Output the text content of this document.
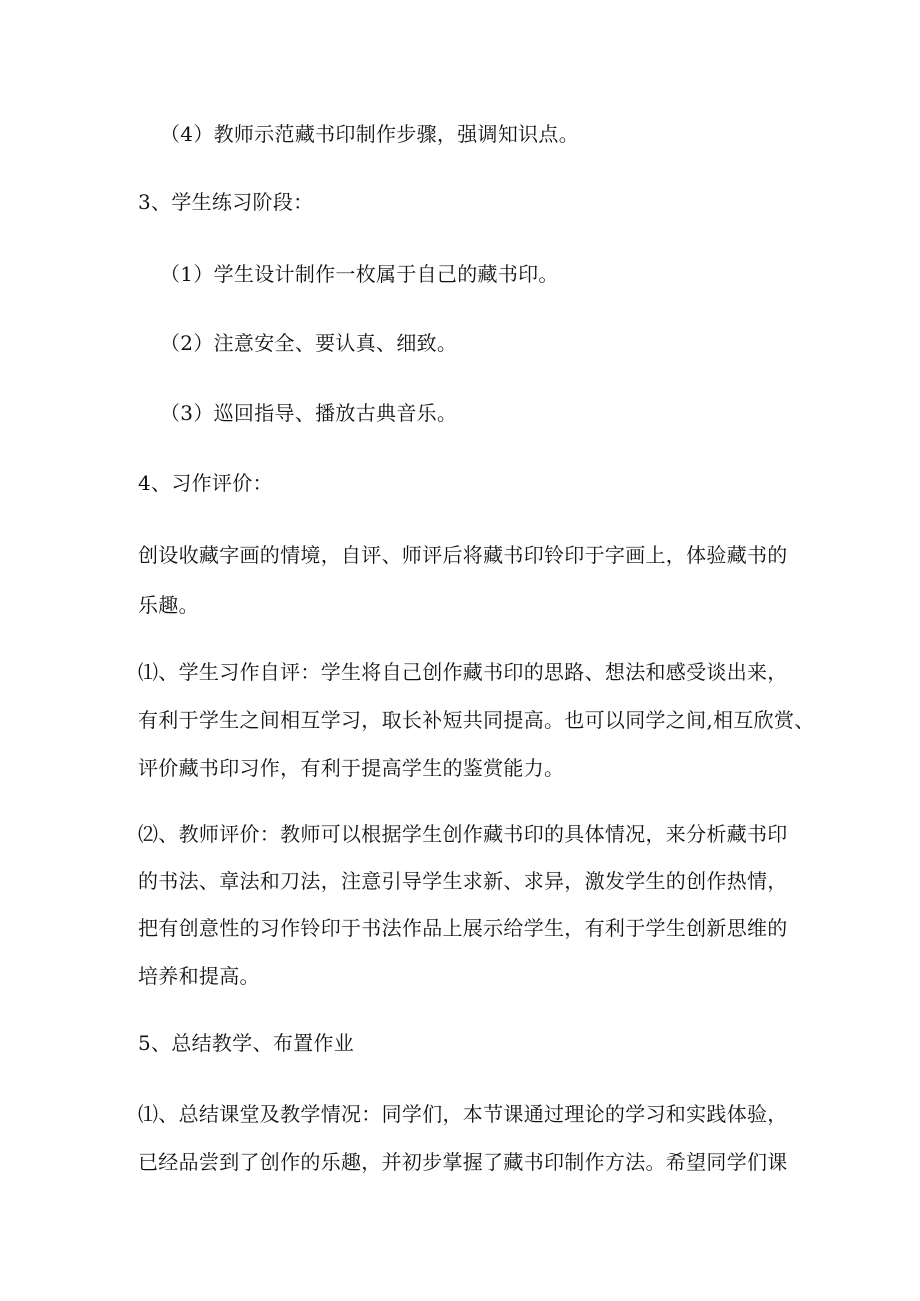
（4）教师示范藏书印制作步骤，强调知识点。
3、学生练习阶段：
（1）学生设计制作一枚属于自己的藏书印。
（2）注意安全、要认真、细致。
（3）巡回指导、播放古典音乐。
4、习作评价：
创设收藏字画的情境，自评、师评后将藏书印铃印于字画上，体验藏书的
乐趣。
⑴、学生习作自评：学生将自己创作藏书印的思路、想法和感受谈出来，
有利于学生之间相互学习，取长补短共同提高。也可以同学之间,相互欣赏、
评价藏书印习作，有利于提高学生的鉴赏能力。
⑵、教师评价：教师可以根据学生创作藏书印的具体情况，来分析藏书印
的书法、章法和刀法，注意引导学生求新、求异，激发学生的创作热情，
把有创意性的习作铃印于书法作品上展示给学生，有利于学生创新思维的
培养和提高。
5、总结教学、布置作业
⑴、总结课堂及教学情况：同学们，本节课通过理论的学习和实践体验，
已经品尝到了创作的乐趣，并初步掌握了藏书印制作方法。希望同学们课
